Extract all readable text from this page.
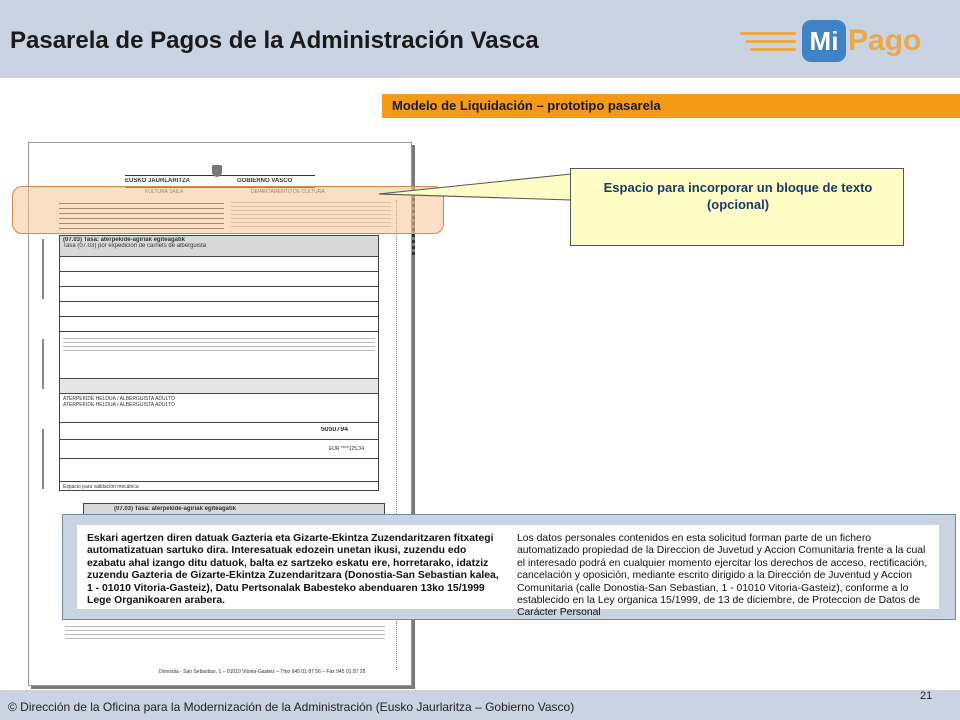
Pasarela de Pagos de la Administración Vasca	Mi Pago
Modelo de Liquidación – prototipo pasarela
EUSKO JAURLARITZA	GOBIERNO VASCO
(07.03) Tasa: aterpekide-agiriak egiteagatik
Tasa (07.03) por expedición de carnets de alberguista
ATERPEKIDE HELDUA / ALBERGUISTA ADULTO
ATERPEKIDE HELDUA / ALBERGUISTA ADULTO
5050794
EUR ****125,34
Espacio para validación mecánica
(07.03) Tasa: aterpekide-agiriak egiteagatik
Donostia - San Sebastian, 1 – 01010 Vitoria-Gasteiz – Tfno 945 01 87 56 – Fax 945 01 87 28
Espacio para incorporar un bloque de texto (opcional)
Eskari agertzen diren datuak Gazteria eta Gizarte-Ekintza Zuzendaritzaren fitxategi automatizatuan sartuko dira. Interesatuak edozein unetan ikusi, zuzendu edo ezabatu ahal izango ditu datuok, balta ez sartzeko eskatu ere, horretarako, idatziz zuzendu Gazteria de Gizarte-Ekintza Zuzendaritzara (Donostia-San Sebastian kalea, 1 - 01010 Vitoria-Gasteiz), Datu Pertsonalak Babesteko abenduaren 13ko 15/1999 Lege Organikoaren arabera.
Los datos personales contenidos en esta solicitud forman parte de un fichero automatizado propiedad de la Direccion de Juvetud y Accion Comunitaria frente a la cual el interesado podrá en cualquier momento ejercitar los derechos de acceso, rectificación, cancelación y oposición, mediante escrito dirigido a la Dirección de Juventud y Accion Comunitaria (calle Donostia-San Sebastian, 1 - 01010 Vitoria-Gasteiz), conforme a lo establecido en la Ley organica 15/1999, de 13 de diciembre, de Proteccion de Datos de Carácter Personal
© Dirección de la Oficina para la Modernización de la Administración (Eusko Jaurlaritza – Gobierno Vasco)
21
